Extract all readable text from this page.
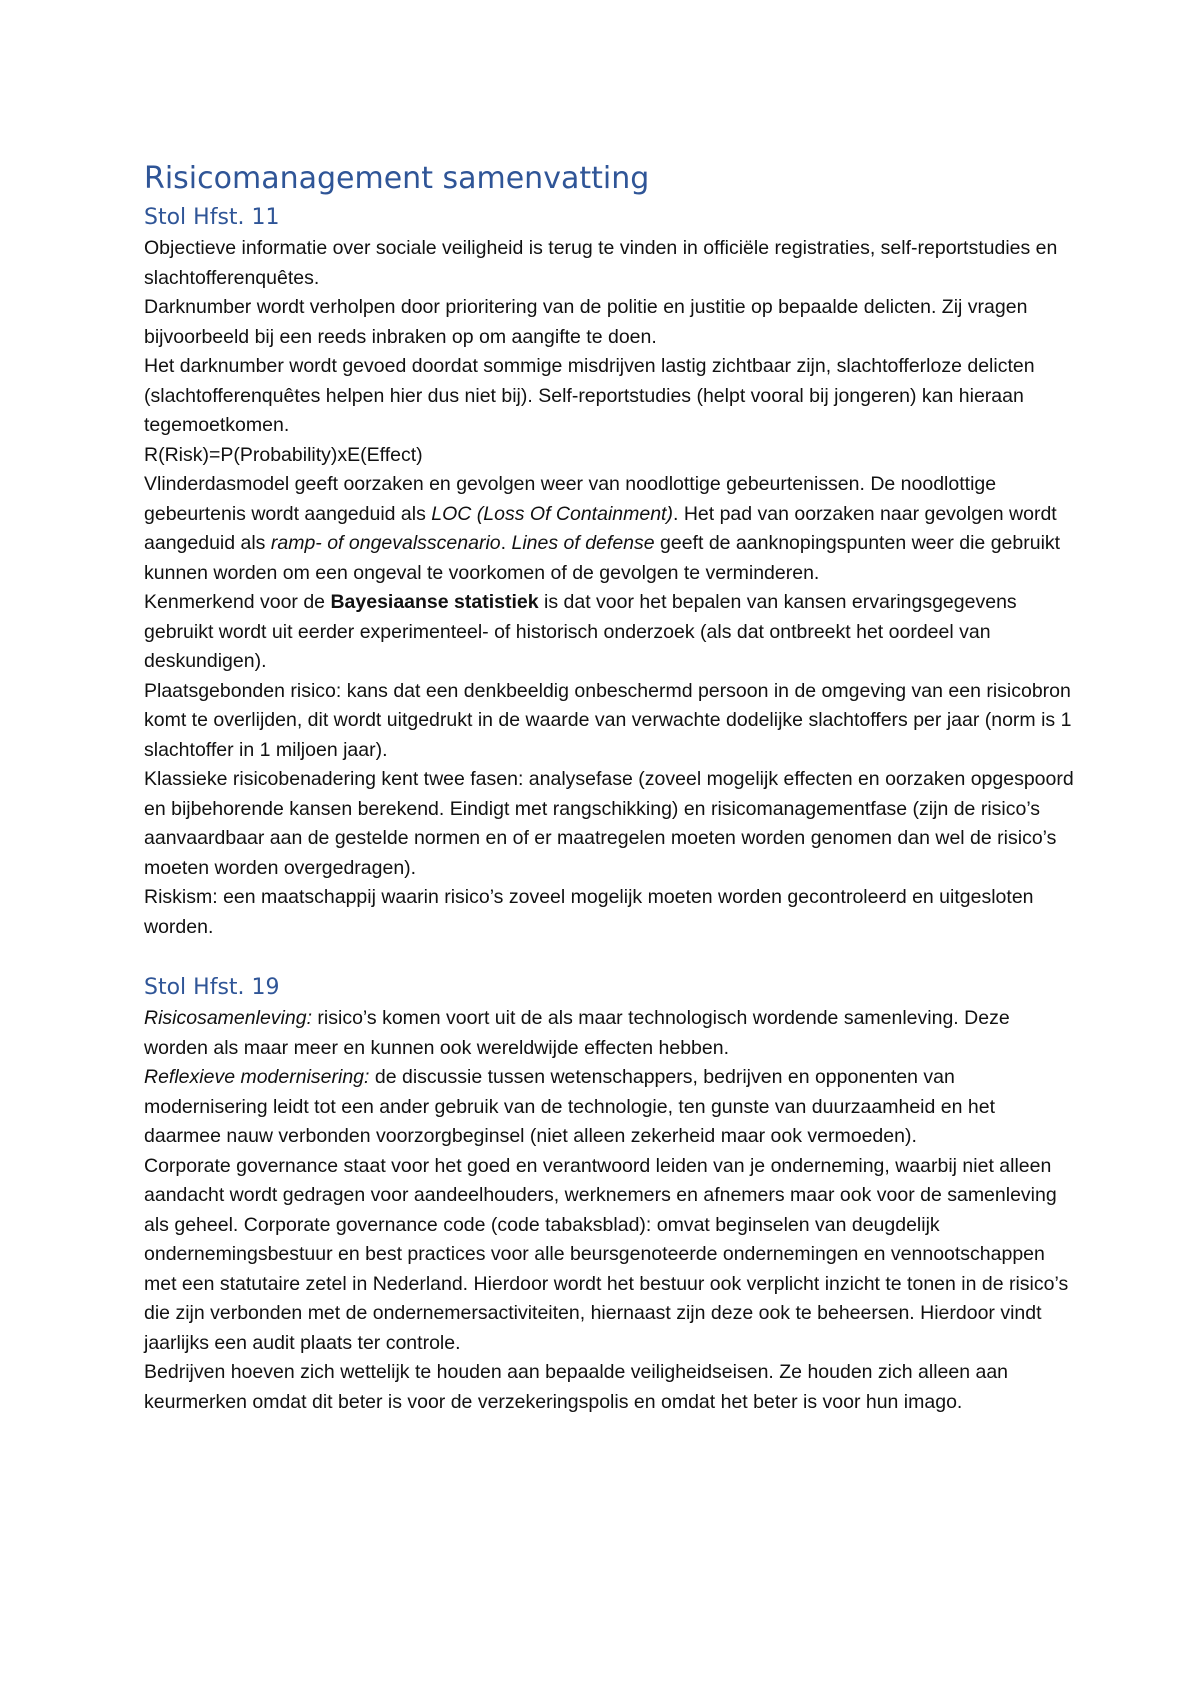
Risicomanagement samenvatting
Stol Hfst. 11

Objectieve informatie over sociale veiligheid is terug te vinden in officiële registraties, self-reportstudies en slachtofferenquêtes.

Darknumber wordt verholpen door prioritering van de politie en justitie op bepaalde delicten. Zij vragen bijvoorbeeld bij een reeds inbraken op om aangifte te doen.

Het darknumber wordt gevoed doordat sommige misdrijven lastig zichtbaar zijn, slachtofferloze delicten (slachtofferenquêtes helpen hier dus niet bij). Self-reportstudies (helpt vooral bij jongeren) kan hieraan tegemoetkomen.

R(Risk)=P(Probability)xE(Effect)

Vlinderdasmodel geeft oorzaken en gevolgen weer van noodlottige gebeurtenissen. De noodlottige gebeurtenis wordt aangeduid als LOC (Loss Of Containment). Het pad van oorzaken naar gevolgen wordt aangeduid als ramp- of ongevalsscenario. Lines of defense geeft de aanknopingspunten weer die gebruikt kunnen worden om een ongeval te voorkomen of de gevolgen te verminderen.

Kenmerkend voor de Bayesiaanse statistiek is dat voor het bepalen van kansen ervaringsgegevens gebruikt wordt uit eerder experimenteel- of historisch onderzoek (als dat ontbreekt het oordeel van deskundigen).

Plaatsgebonden risico: kans dat een denkbeeldig onbeschermd persoon in de omgeving van een risicobron komt te overlijden, dit wordt uitgedrukt in de waarde van verwachte dodelijke slachtoffers per jaar (norm is 1 slachtoffer in 1 miljoen jaar).

Klassieke risicobenadering kent twee fasen: analysefase (zoveel mogelijk effecten en oorzaken opgespoord en bijbehorende kansen berekend. Eindigt met rangschikking) en risicomanagementfase (zijn de risico’s aanvaardbaar aan de gestelde normen en of er maatregelen moeten worden genomen dan wel de risico’s moeten worden overgedragen).

Riskism: een maatschappij waarin risico’s zoveel mogelijk moeten worden gecontroleerd en uitgesloten worden.

Stol Hfst. 19

Risicosamenleving: risico’s komen voort uit de als maar technologisch wordende samenleving. Deze worden als maar meer en kunnen ook wereldwijde effecten hebben.

Reflexieve modernisering: de discussie tussen wetenschappers, bedrijven en opponenten van modernisering leidt tot een ander gebruik van de technologie, ten gunste van duurzaamheid en het daarmee nauw verbonden voorzorgbeginsel (niet alleen zekerheid maar ook vermoeden).

Corporate governance staat voor het goed en verantwoord leiden van je onderneming, waarbij niet alleen aandacht wordt gedragen voor aandeelhouders, werknemers en afnemers maar ook voor de samenleving als geheel. Corporate governance code (code tabaksblad): omvat beginselen van deugdelijk ondernemingsbestuur en best practices voor alle beursgenoteerde ondernemingen en vennootschappen met een statutaire zetel in Nederland. Hierdoor wordt het bestuur ook verplicht inzicht te tonen in de risico’s die zijn verbonden met de ondernemersactiviteiten, hiernaast zijn deze ook te beheersen. Hierdoor vindt jaarlijks een audit plaats ter controle.

Bedrijven hoeven zich wettelijk te houden aan bepaalde veiligheidseisen. Ze houden zich alleen aan keurmerken omdat dit beter is voor de verzekeringspolis en omdat het beter is voor hun imago.
